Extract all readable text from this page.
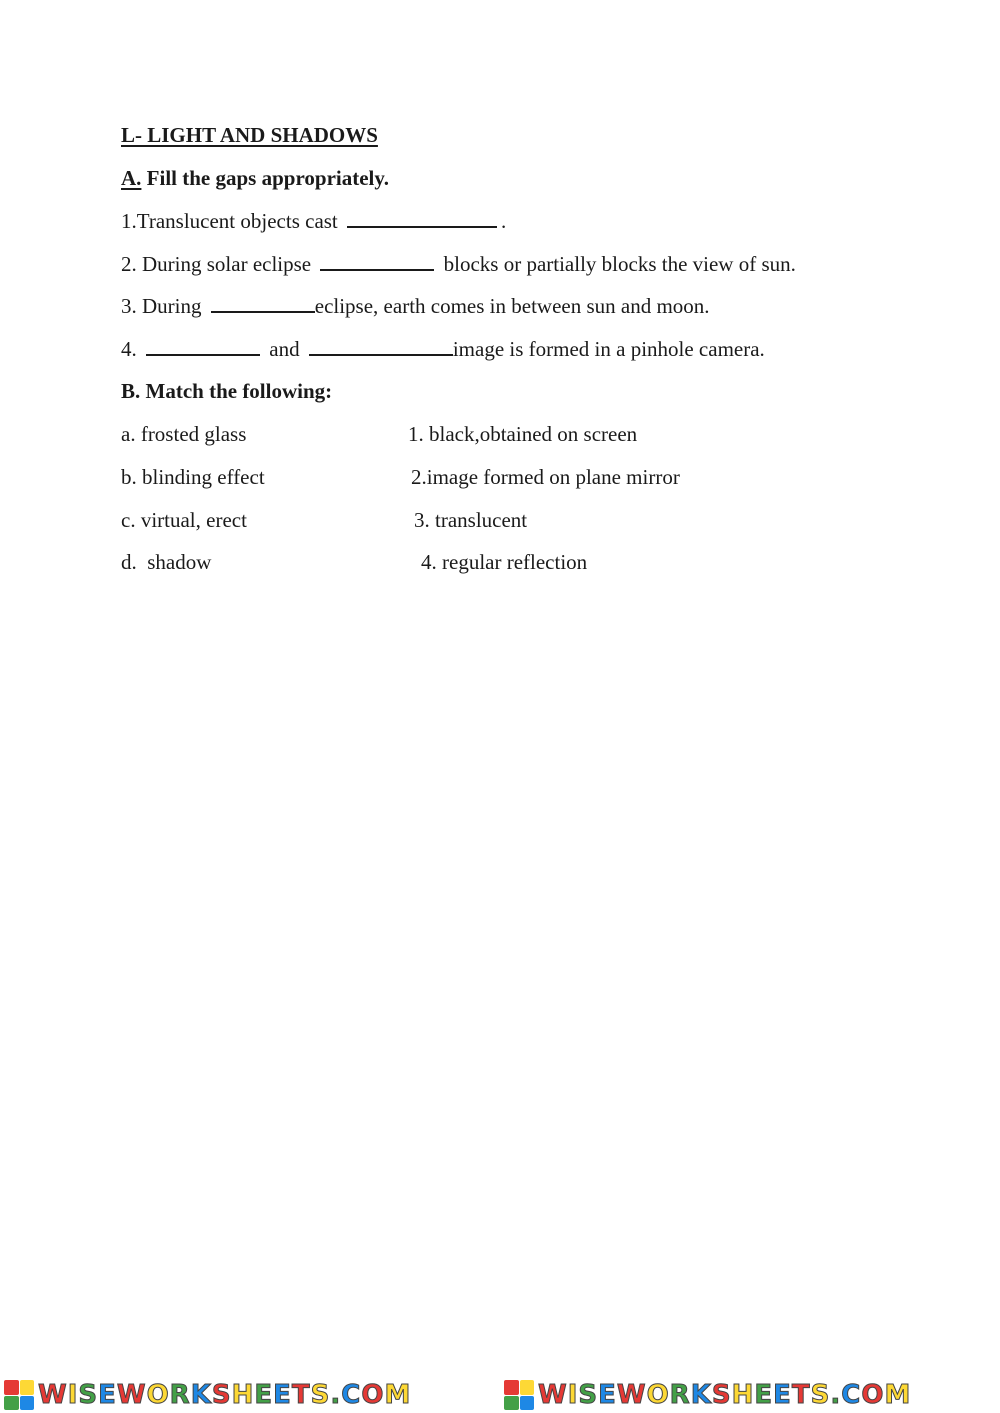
L- LIGHT AND SHADOWS
A. Fill the gaps appropriately.
1.Translucent objects cast	.
2. During solar eclipse	blocks or partially blocks the view of sun.
3. During	eclipse, earth comes in between sun and moon.
4.	and	image is formed in a pinhole camera.
B. Match the following:
a. frosted glass	1. black,obtained on screen
b. blinding effect	2.image formed on plane mirror
c. virtual, erect	3. translucent
d.  shadow	4. regular reflection
WISEWORKSHEETS.COM	WISEWORKSHEETS.COM
